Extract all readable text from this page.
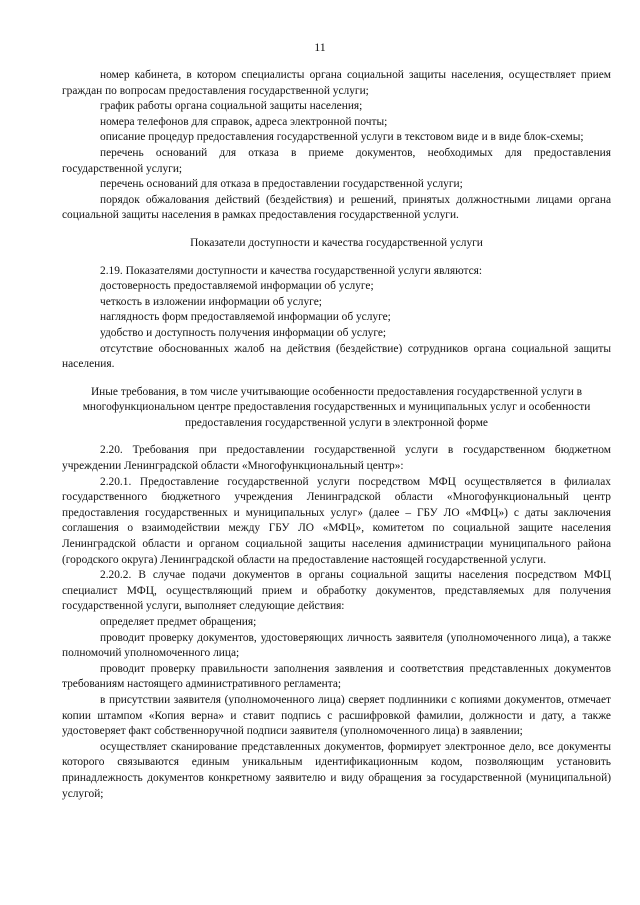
11

номер кабинета, в котором специалисты органа социальной защиты населения, осуществляет прием граждан по вопросам предоставления государственной услуги;

график работы органа социальной защиты населения;

номера телефонов для справок, адреса электронной почты;

описание процедур предоставления государственной услуги в текстовом виде и в виде блок-схемы;

перечень оснований для отказа в приеме документов, необходимых для предоставления государственной услуги;

перечень оснований для отказа в предоставлении государственной услуги;

порядок обжалования действий (бездействия) и решений, принятых должностными лицами органа социальной защиты населения в рамках предоставления государственной услуги.

Показатели доступности и качества государственной услуги

2.19. Показателями доступности и качества государственной услуги являются:

достоверность предоставляемой информации об услуге;

четкость в изложении информации об услуге;

наглядность форм предоставляемой информации об услуге;

удобство и доступность получения информации об услуге;

отсутствие обоснованных жалоб на действия (бездействие) сотрудников органа социальной защиты населения.

Иные требования, в том числе учитывающие особенности предоставления государственной услуги в многофункциональном центре предоставления государственных и муниципальных услуг и особенности предоставления государственной услуги в электронной форме

2.20. Требования при предоставлении государственной услуги в государственном бюджетном учреждении Ленинградской области «Многофункциональный центр»:

2.20.1. Предоставление государственной услуги посредством МФЦ осуществляется в филиалах государственного бюджетного учреждения Ленинградской области «Многофункциональный центр предоставления государственных и муниципальных услуг» (далее – ГБУ ЛО «МФЦ») с даты заключения соглашения о взаимодействии между ГБУ ЛО «МФЦ», комитетом по социальной защите населения Ленинградской области и органом социальной защиты населения администрации муниципального района (городского округа) Ленинградской области на предоставление настоящей государственной услуги.

2.20.2. В случае подачи документов в органы социальной защиты населения посредством МФЦ специалист МФЦ, осуществляющий прием и обработку документов, представляемых для получения государственной услуги, выполняет следующие действия:

определяет предмет обращения;

проводит проверку документов, удостоверяющих личность заявителя (уполномоченного лица), а также полномочий уполномоченного лица;

проводит проверку правильности заполнения заявления и соответствия представленных документов требованиям настоящего административного регламента;

в присутствии заявителя (уполномоченного лица) сверяет подлинники с копиями документов, отмечает копии штампом «Копия верна» и ставит подпись с расшифровкой фамилии, должности и дату, а также удостоверяет факт собственноручной подписи заявителя (уполномоченного лица) в заявлении;

осуществляет сканирование представленных документов, формирует электронное дело, все документы которого связываются единым уникальным идентификационным кодом, позволяющим установить принадлежность документов конкретному заявителю и виду обращения за государственной (муниципальной) услугой;
